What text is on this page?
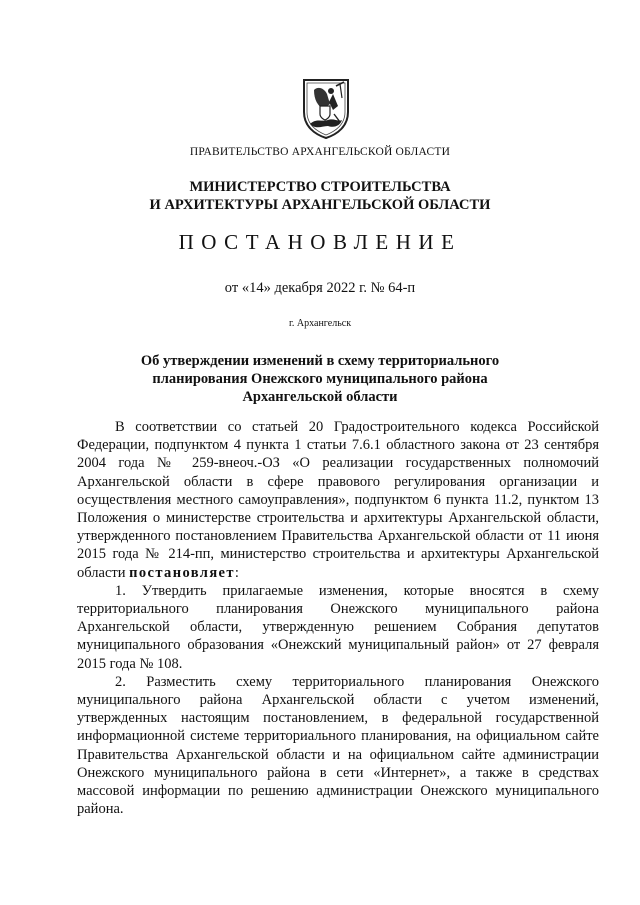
ПРАВИТЕЛЬСТВО АРХАНГЕЛЬСКОЙ ОБЛАСТИ
МИНИСТЕРСТВО СТРОИТЕЛЬСТВА
И АРХИТЕКТУРЫ АРХАНГЕЛЬСКОЙ ОБЛАСТИ
ПОСТАНОВЛЕНИЕ
от «14» декабря 2022 г. № 64-п
г. Архангельск
Об утверждении изменений в схему территориального
планирования Онежского муниципального района
Архангельской области

В соответствии со статьей 20 Градостроительного кодекса Российской Федерации, подпунктом 4 пункта 1 статьи 7.6.1 областного закона от 23 сентября 2004 года № 259-внеоч.-ОЗ «О реализации государственных полномочий Архангельской области в сфере правового регулирования организации и осуществления местного самоуправления», подпунктом 6 пункта 11.2, пунктом 13 Положения о министерстве строительства и архитектуры Архангельской области, утвержденного постановлением Правительства Архангельской области от 11 июня 2015 года № 214-пп, министерство строительства и архитектуры Архангельской области постановляет:

1. Утвердить прилагаемые изменения, которые вносятся в схему территориального планирования Онежского муниципального района Архангельской области, утвержденную решением Собрания депутатов муниципального образования «Онежский муниципальный район» от 27 февраля 2015 года № 108.

2. Разместить схему территориального планирования Онежского муниципального района Архангельской области с учетом изменений, утвержденных настоящим постановлением, в федеральной государственной информационной системе территориального планирования, на официальном сайте Правительства Архангельской области и на официальном сайте администрации Онежского муниципального района в сети «Интернет», а также в средствах массовой информации по решению администрации Онежского муниципального района.
